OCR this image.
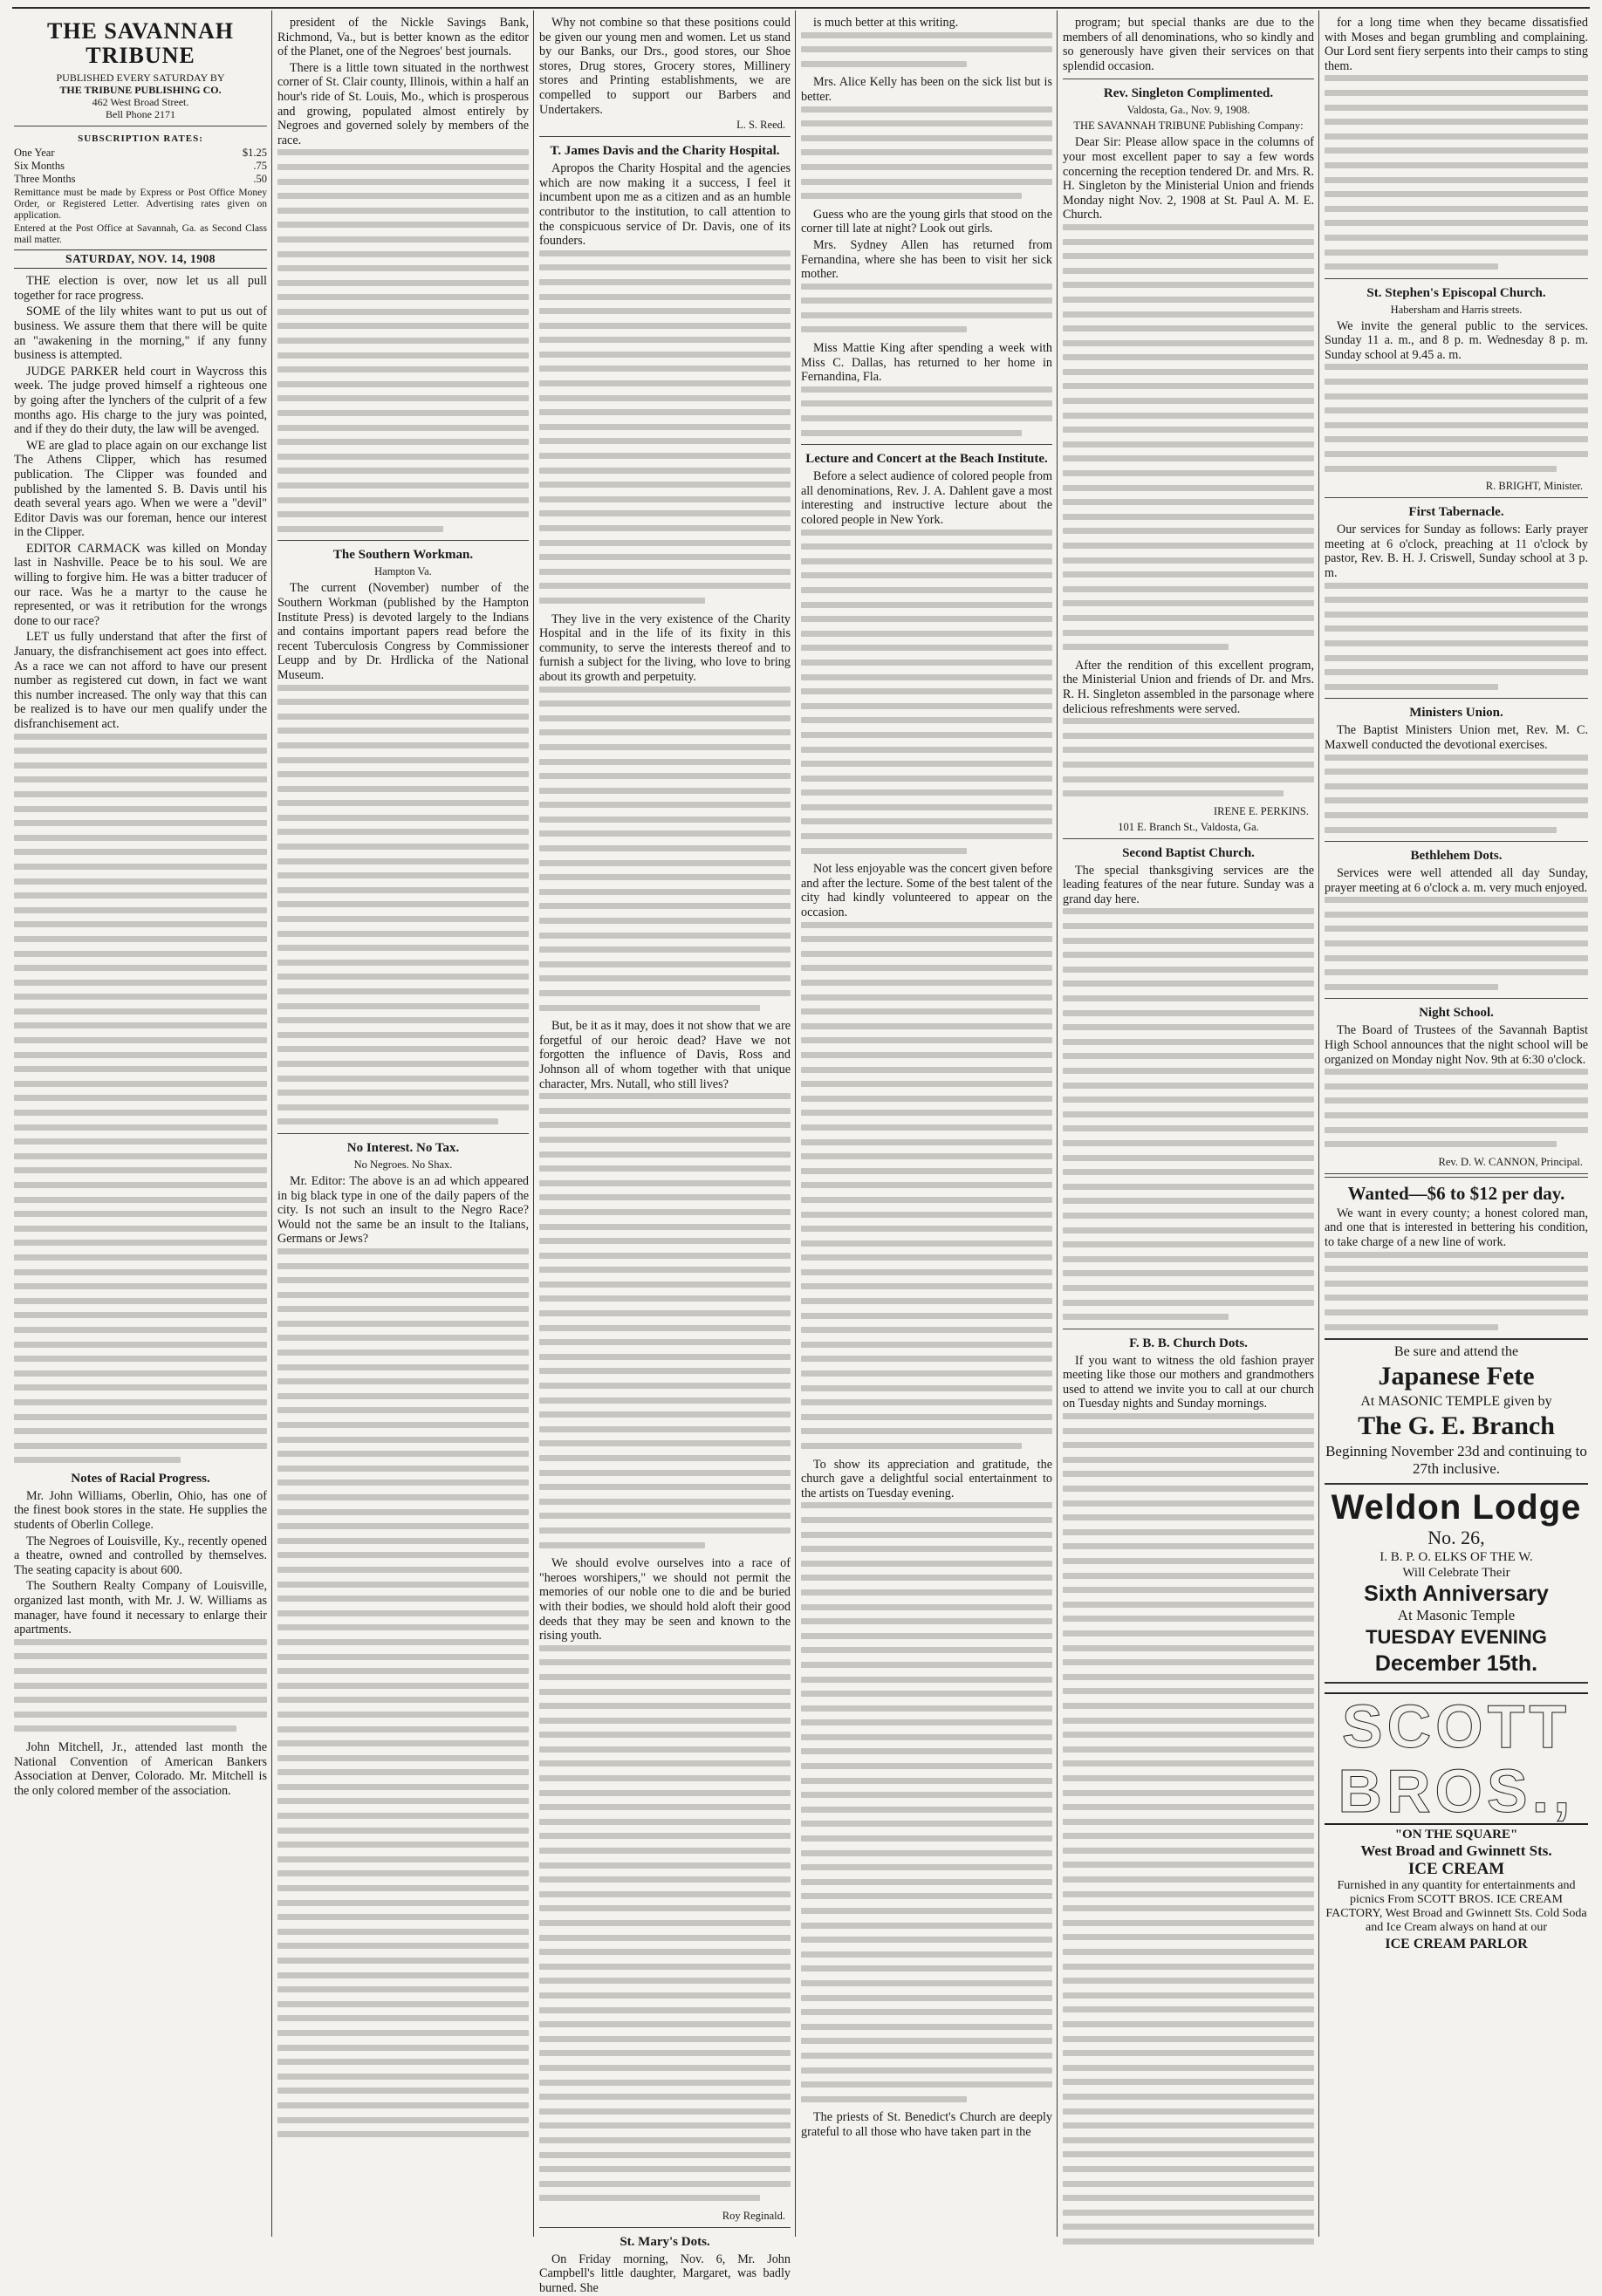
THE SAVANNAH TRIBUNE
PUBLISHED EVERY SATURDAY BY
THE TRIBUNE PUBLISHING CO.
462 West Broad Street.
Bell Phone 2171
SUBSCRIPTION RATES:
One Year	$1.25
Six Months	.75
Three Months	.50
Remittance must be made by Express or Post Office Money Order, or Registered Letter. Advertising rates given on application.
Entered at the Post Office at Savannah, Ga. as Second Class mail matter.
SATURDAY, NOV. 14, 1908

THE election is over, now let us all pull together for race progress.

SOME of the lily whites want to put us out of business. We assure them that there will be quite an "awakening in the morning," if any funny business is attempted.

JUDGE PARKER held court in Waycross this week. The judge proved himself a righteous one by going after the lynchers of the culprit of a few months ago. His charge to the jury was pointed, and if they do their duty, the law will be avenged.

WE are glad to place again on our exchange list The Athens Clipper, which has resumed publication. The Clipper was founded and published by the lamented S. B. Davis until his death several years ago. When we were a "devil" Editor Davis was our foreman, hence our interest in the Clipper.

EDITOR CARMACK was killed on Monday last in Nashville. Peace be to his soul. We are willing to forgive him. He was a bitter traducer of our race. Was he a martyr to the cause he represented, or was it retribution for the wrongs done to our race?

LET us fully understand that after the first of January, the disfranchisement act goes into effect. As a race we can not afford to have our present number as registered cut down, in fact we want this number increased. The only way that this can be realized is to have our men qualify under the disfranchisement act.

Notes of Racial Progress.

Mr. John Williams, Oberlin, Ohio, has one of the finest book stores in the state. He supplies the students of Oberlin College.

The Negroes of Louisville, Ky., recently opened a theatre, owned and controlled by themselves. The seating capacity is about 600.

The Southern Realty Company of Louisville, organized last month, with Mr. J. W. Williams as manager, have found it necessary to enlarge their apartments.

John Mitchell, Jr., attended last month the National Convention of American Bankers Association at Denver, Colorado. Mr. Mitchell is the only colored member of the association.

president of the Nickle Savings Bank, Richmond, Va., but is better known as the editor of the Planet, one of the Negroes' best journals.

There is a little town situated in the northwest corner of St. Clair county, Illinois, within a half an hour's ride of St. Louis, Mo., which is prosperous and growing, populated almost entirely by Negroes and governed solely by members of the race.

The Southern Workman.
Hampton Va.

The current (November) number of the Southern Workman (published by the Hampton Institute Press) is devoted largely to the Indians and contains important papers read before the recent Tuberculosis Congress by Commissioner Leupp and by Dr. Hrdlicka of the National Museum.

No Interest. No Tax.
No Negroes. No Shax.

Mr. Editor: The above is an ad which appeared in big black type in one of the daily papers of the city. Is not such an insult to the Negro Race? Would not the same be an insult to the Italians, Germans or Jews?

Why not combine so that these positions could be given our young men and women. Let us stand by our Banks, our Drs., good stores, our Shoe stores, Drug stores, Grocery stores, Millinery stores and Printing establishments, we are compelled to support our Barbers and Undertakers.

L. S. Reed.
T. James Davis and the Charity Hospital.

Apropos the Charity Hospital and the agencies which are now making it a success, I feel it incumbent upon me as a citizen and as an humble contributor to the institution, to call attention to the conspicuous service of Dr. Davis, one of its founders.

They live in the very existence of the Charity Hospital and in the life of its fixity in this community, to serve the interests thereof and to furnish a subject for the living, who love to bring about its growth and perpetuity.

But, be it as it may, does it not show that we are forgetful of our heroic dead? Have we not forgotten the influence of Davis, Ross and Johnson all of whom together with that unique character, Mrs. Nutall, who still lives?

We should evolve ourselves into a race of "heroes worshipers," we should not permit the memories of our noble one to die and be buried with their bodies, we should hold aloft their good deeds that they may be seen and known to the rising youth.

Roy Reginald.
St. Mary's Dots.

On Friday morning, Nov. 6, Mr. John Campbell's little daughter, Margaret, was badly burned. She

is much better at this writing.

Mrs. Alice Kelly has been on the sick list but is better.

Guess who are the young girls that stood on the corner till late at night? Look out girls.

Mrs. Sydney Allen has returned from Fernandina, where she has been to visit her sick mother.

Miss Mattie King after spending a week with Miss C. Dallas, has returned to her home in Fernandina, Fla.

Lecture and Concert at the Beach Institute.

Before a select audience of colored people from all denominations, Rev. J. A. Dahlent gave a most interesting and instructive lecture about the colored people in New York.

Not less enjoyable was the concert given before and after the lecture. Some of the best talent of the city had kindly volunteered to appear on the occasion.

To show its appreciation and gratitude, the church gave a delightful social entertainment to the artists on Tuesday evening.

The priests of St. Benedict's Church are deeply grateful to all those who have taken part in the

program; but special thanks are due to the members of all denominations, who so kindly and so generously have given their services on that splendid occasion.

Rev. Singleton Complimented.
Valdosta, Ga., Nov. 9, 1908.
THE SAVANNAH TRIBUNE Publishing Company:

Dear Sir: Please allow space in the columns of your most excellent paper to say a few words concerning the reception tendered Dr. and Mrs. R. H. Singleton by the Ministerial Union and friends Monday night Nov. 2, 1908 at St. Paul A. M. E. Church.

After the rendition of this excellent program, the Ministerial Union and friends of Dr. and Mrs. R. H. Singleton assembled in the parsonage where delicious refreshments were served.

IRENE E. PERKINS.
101 E. Branch St., Valdosta, Ga.
Second Baptist Church.

The special thanksgiving services are the leading features of the near future. Sunday was a grand day here.

F. B. B. Church Dots.

If you want to witness the old fashion prayer meeting like those our mothers and grandmothers used to attend we invite you to call at our church on Tuesday nights and Sunday mornings.

for a long time when they became dissatisfied with Moses and began grumbling and complaining. Our Lord sent fiery serpents into their camps to sting them.

St. Stephen's Episcopal Church.
Habersham and Harris streets.

We invite the general public to the services. Sunday 11 a. m., and 8 p. m. Wednesday 8 p. m. Sunday school at 9.45 a. m.

R. BRIGHT, Minister.
First Tabernacle.

Our services for Sunday as follows: Early prayer meeting at 6 o'clock, preaching at 11 o'clock by pastor, Rev. B. H. J. Criswell, Sunday school at 3 p. m.

Ministers Union.

The Baptist Ministers Union met, Rev. M. C. Maxwell conducted the devotional exercises.

Bethlehem Dots.

Services were well attended all day Sunday, prayer meeting at 6 o'clock a. m. very much enjoyed.

Night School.

The Board of Trustees of the Savannah Baptist High School announces that the night school will be organized on Monday night Nov. 9th at 6:30 o'clock.

Rev. D. W. CANNON, Principal.
Wanted—$6 to $12 per day.

We want in every county; a honest colored man, and one that is interested in bettering his condition, to take charge of a new line of work.

Be sure and attend the
Japanese Fete
At MASONIC TEMPLE given by
The G. E. Branch
Beginning November 23d and continuing to 27th inclusive.
Weldon Lodge
No. 26,
I. B. P. O. ELKS OF THE W.
Will Celebrate Their
Sixth Anniversary
At Masonic Temple
TUESDAY EVENING
December 15th.
SCOTT BROS.,
"ON THE SQUARE"
West Broad and Gwinnett Sts.
ICE CREAM
Furnished in any quantity for entertainments and picnics From SCOTT BROS. ICE CREAM FACTORY, West Broad and Gwinnett Sts. Cold Soda and Ice Cream always on hand at our
ICE CREAM PARLOR
